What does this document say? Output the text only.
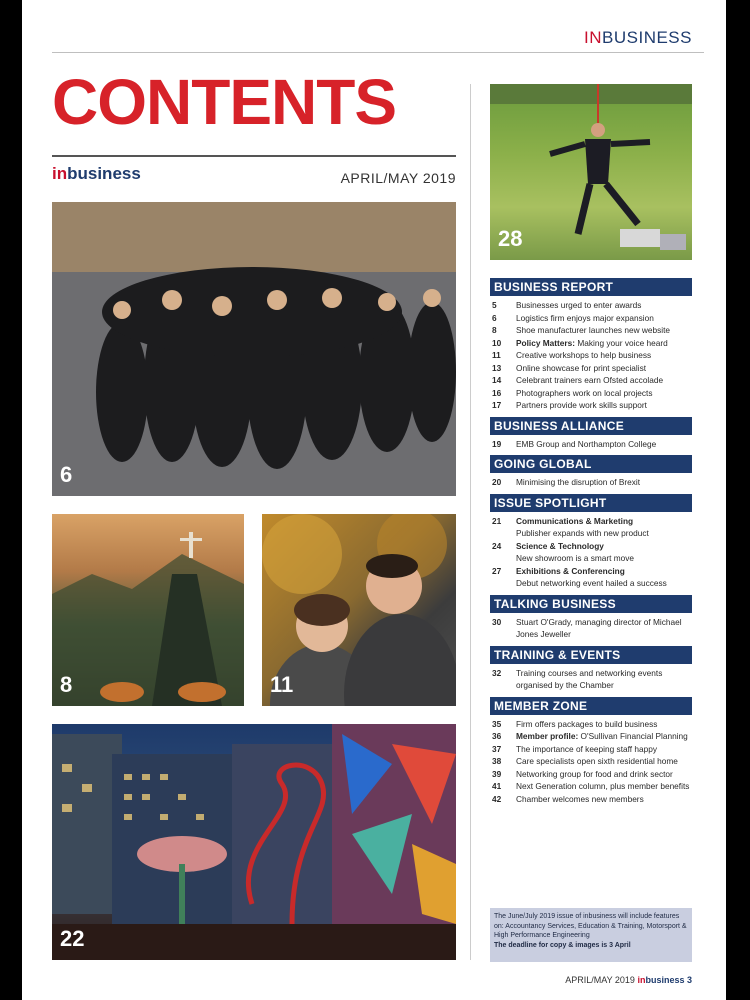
INBUSINESS
CONTENTS
inbusiness	APRIL/MAY 2019
6
8	11
22
28
BUSINESS REPORT
5	Businesses urged to enter awards
6	Logistics firm enjoys major expansion
8	Shoe manufacturer launches new website
10	Policy Matters: Making your voice heard
11	Creative workshops to help business
13	Online showcase for print specialist
14	Celebrant trainers earn Ofsted accolade
16	Photographers work on local projects
17	Partners provide work skills support
BUSINESS ALLIANCE
19	EMB Group and Northampton College
GOING GLOBAL
20	Minimising the disruption of Brexit
ISSUE SPOTLIGHT
21	Communications & Marketing
Publisher expands with new product
24	Science & Technology
New showroom is a smart move
27	Exhibitions & Conferencing
Debut networking event hailed a success
TALKING BUSINESS
30	Stuart O'Grady, managing director of Michael Jones Jeweller
TRAINING & EVENTS
32	Training courses and networking events organised by the Chamber
MEMBER ZONE
35	Firm offers packages to build business
36	Member profile: O'Sullivan Financial Planning
37	The importance of keeping staff happy
38	Care specialists open sixth residential home
39	Networking group for food and drink sector
41	Next Generation column, plus member benefits
42	Chamber welcomes new members
The June/July 2019 issue of inbusiness will include features on: Accountancy Services, Education & Training, Motorsport & High Performance Engineering
The deadline for copy & images is 3 April
APRIL/MAY 2019 inbusiness 3
